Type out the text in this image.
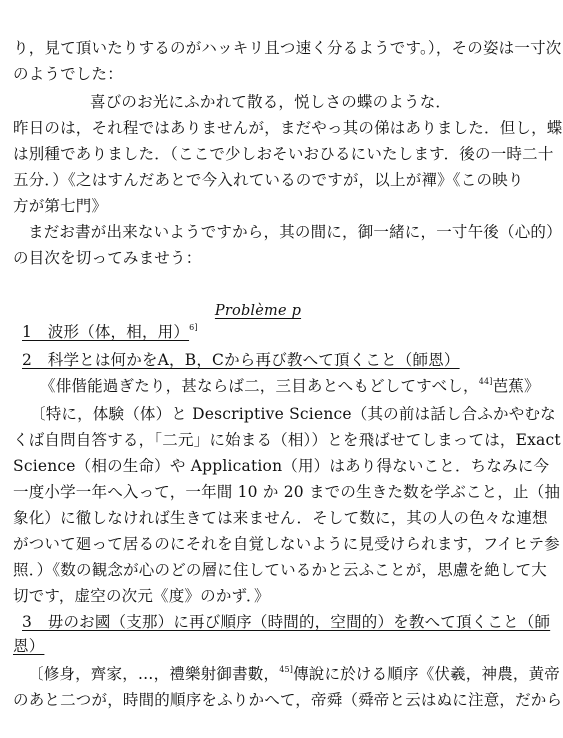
り，見て頂いたりするのがハッキリ且つ速く分るようです。），その姿は一寸次
のようでした：
喜びのお光にふかれて散る，悦しさの蝶のような．
昨日のは，それ程ではありませんが，まだやっ其の俤はありました．但し，蝶
は別種でありました．（ここで少しおそいおひるにいたします．後の一時二十
五分．）《之はすんだあとで今入れているのですが，以上が襌》《この映り
方が第七門》
まだお書が出来ないようですから，其の間に，御一緒に，一寸午後（心的）
の目次を切ってみませう：
Problème p
1　波形（体，相，用）$^{6]}$
2　科学とは何かをA，B，Cから再び教へて頂くこと（師恩）
《俳偕能過ぎたり，甚ならば二，三目あとへもどしてすべし，$^{44]}$芭蕉》
〔特に，体験（体）と Descriptive Science（其の前は話し合ふかやむな
くば自問自答する，「二元」に始まる（相））とを飛ばせてしまっては，Exact
Science（相の生命）や Application（用）はあり得ないこと．ちなみに今
一度小学一年へ入って，一年間 10 か 20 までの生きた数を学ぶこと，止（抽
象化）に徹しなければ生きては来ません．そして数に，其の人の色々な連想
がついて廻って居るのにそれを自覚しないように見受けられます，フイヒテ参
照．）《数の観念が心のどの層に住しているかと云ふことが，思慮を絶して大
切です，虚空の次元《度》のかず．》
3　毋のお國（支那）に再び順序（時間的，空間的）を教へて頂くこと（師
恩）
〔修身，齊家，…，禮樂射御書數，$^{45]}$傳說に於ける順序《伏羲，神農，黄帝
のあと二つが，時間的順序をふりかへて，帝舜（舜帝と云はぬに注意，だから
